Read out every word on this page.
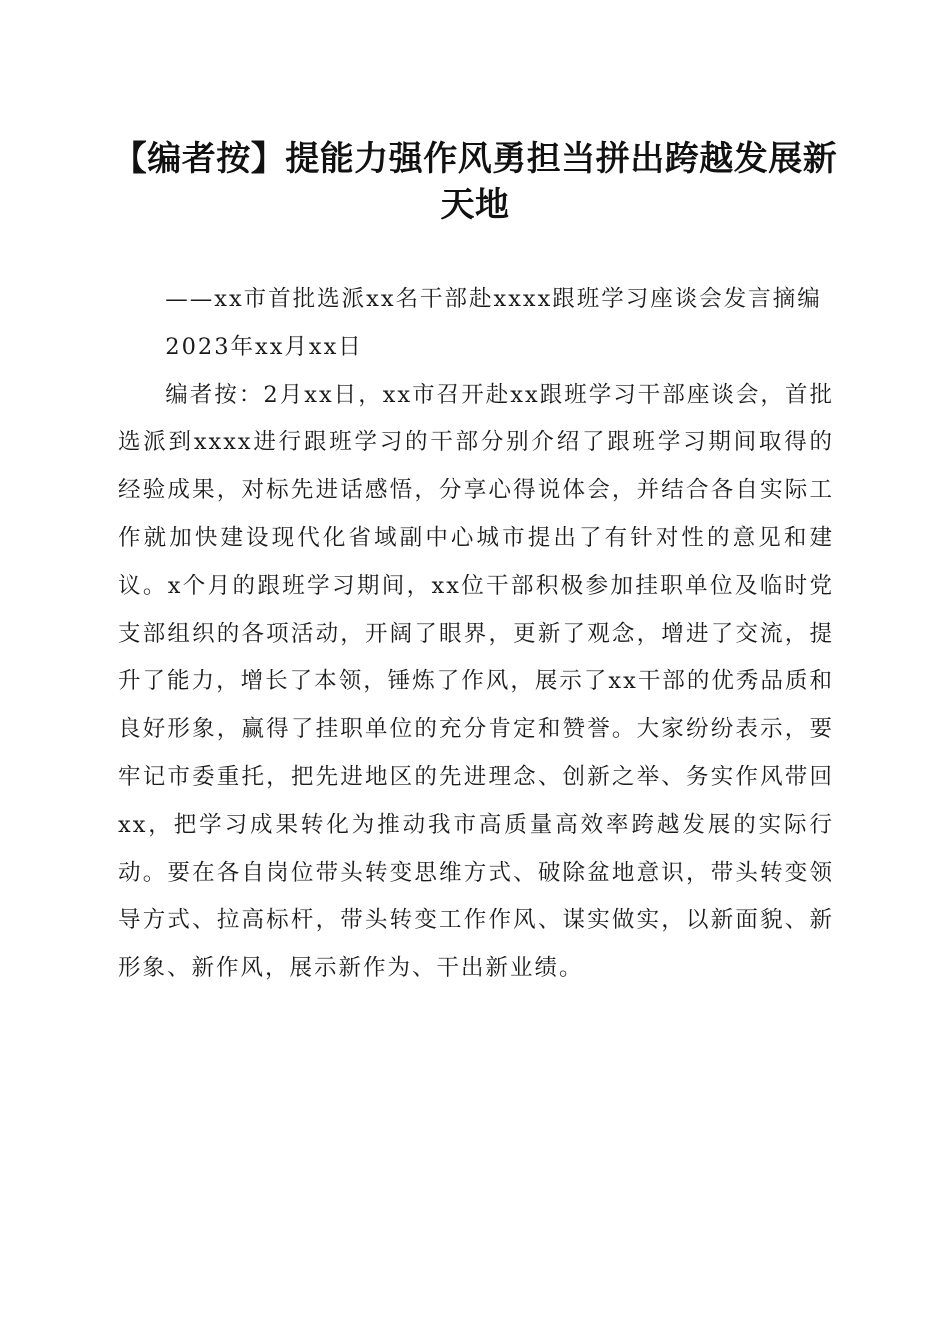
【编者按】提能力强作风勇担当拼出跨越发展新天地

——xx市首批选派xx名干部赴xxxx跟班学习座谈会发言摘编

2023年xx月xx日

编者按：2月xx日，xx市召开赴xx跟班学习干部座谈会，首批选派到xxxx进行跟班学习的干部分别介绍了跟班学习期间取得的经验成果，对标先进话感悟，分享心得说体会，并结合各自实际工作就加快建设现代化省域副中心城市提出了有针对性的意见和建议。x个月的跟班学习期间，xx位干部积极参加挂职单位及临时党支部组织的各项活动，开阔了眼界，更新了观念，增进了交流，提升了能力，增长了本领，锤炼了作风，展示了xx干部的优秀品质和良好形象，赢得了挂职单位的充分肯定和赞誉。大家纷纷表示，要牢记市委重托，把先进地区的先进理念、创新之举、务实作风带回xx，把学习成果转化为推动我市高质量高效率跨越发展的实际行动。要在各自岗位带头转变思维方式、破除盆地意识，带头转变领导方式、拉高标杆，带头转变工作作风、谋实做实，以新面貌、新形象、新作风，展示新作为、干出新业绩。
